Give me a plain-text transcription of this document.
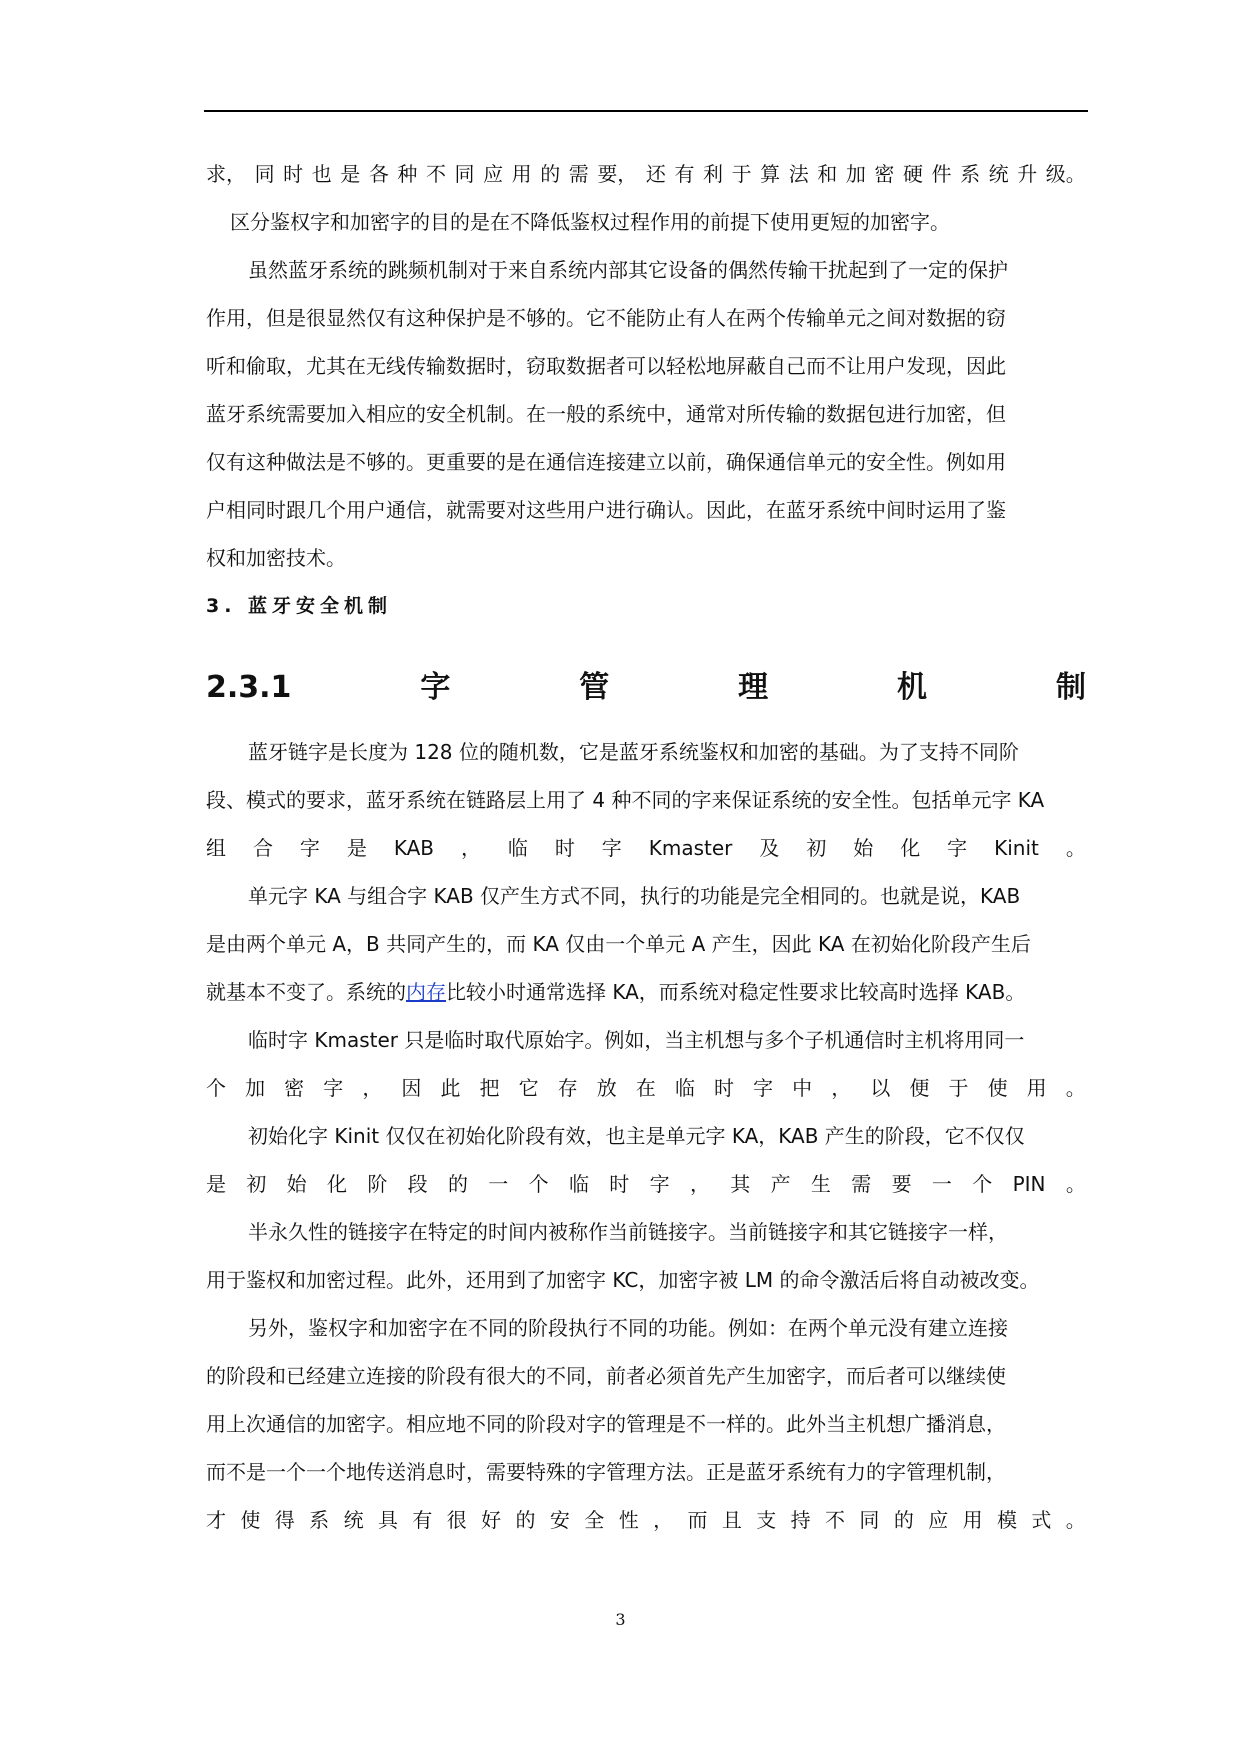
求， 同 时 也 是 各 种 不 同 应 用 的 需 要， 还 有 利 于 算 法 和 加 密 硬 件 系 统 升 级。
区分鉴权字和加密字的目的是在不降低鉴权过程作用的前提下使用更短的加密字。
虽然蓝牙系统的跳频机制对于来自系统内部其它设备的偶然传输干扰起到了一定的保护
作用，但是很显然仅有这种保护是不够的。它不能防止有人在两个传输单元之间对数据的窃
听和偷取，尤其在无线传输数据时，窃取数据者可以轻松地屏蔽自己而不让用户发现，因此
蓝牙系统需要加入相应的安全机制。在一般的系统中，通常对所传输的数据包进行加密，但
仅有这种做法是不够的。更重要的是在通信连接建立以前，确保通信单元的安全性。例如用
户相同时跟几个用户通信，就需要对这些用户进行确认。因此，在蓝牙系统中间时运用了鉴
权和加密技术。
3. 蓝牙安全机制
2.3.1	字	管	理	机	制
蓝牙链字是长度为 128 位的随机数，它是蓝牙系统鉴权和加密的基础。为了支持不同阶
段、模式的要求，蓝牙系统在链路层上用了 4 种不同的字来保证系统的安全性。包括单元字 KA
组 合 字 是 KAB ， 临 时 字 Kmaster 及 初 始 化 字 Kinit 。
单元字 KA 与组合字 KAB 仅产生方式不同，执行的功能是完全相同的。也就是说，KAB
是由两个单元 A，B 共同产生的，而 KA 仅由一个单元 A 产生，因此 KA 在初始化阶段产生后
就基本不变了。系统的内存比较小时通常选择 KA，而系统对稳定性要求比较高时选择 KAB。
临时字 Kmaster 只是临时取代原始字。例如，当主机想与多个子机通信时主机将用同一
个 加 密 字 ， 因 此 把 它 存 放 在 临 时 字 中 ， 以 便 于 使 用 。
初始化字 Kinit 仅仅在初始化阶段有效，也主是单元字 KA，KAB 产生的阶段，它不仅仅
是 初 始 化 阶 段 的 一 个 临 时 字 ， 其 产 生 需 要 一 个 PIN 。
半永久性的链接字在特定的时间内被称作当前链接字。当前链接字和其它链接字一样，
用于鉴权和加密过程。此外，还用到了加密字 KC，加密字被 LM 的命令激活后将自动被改变。
另外，鉴权字和加密字在不同的阶段执行不同的功能。例如：在两个单元没有建立连接
的阶段和已经建立连接的阶段有很大的不同，前者必须首先产生加密字，而后者可以继续使
用上次通信的加密字。相应地不同的阶段对字的管理是不一样的。此外当主机想广播消息，
而不是一个一个地传送消息时，需要特殊的字管理方法。正是蓝牙系统有力的字管理机制，
才 使 得 系 统 具 有 很 好 的 安 全 性 ， 而 且 支 持 不 同 的 应 用 模 式 。
3
